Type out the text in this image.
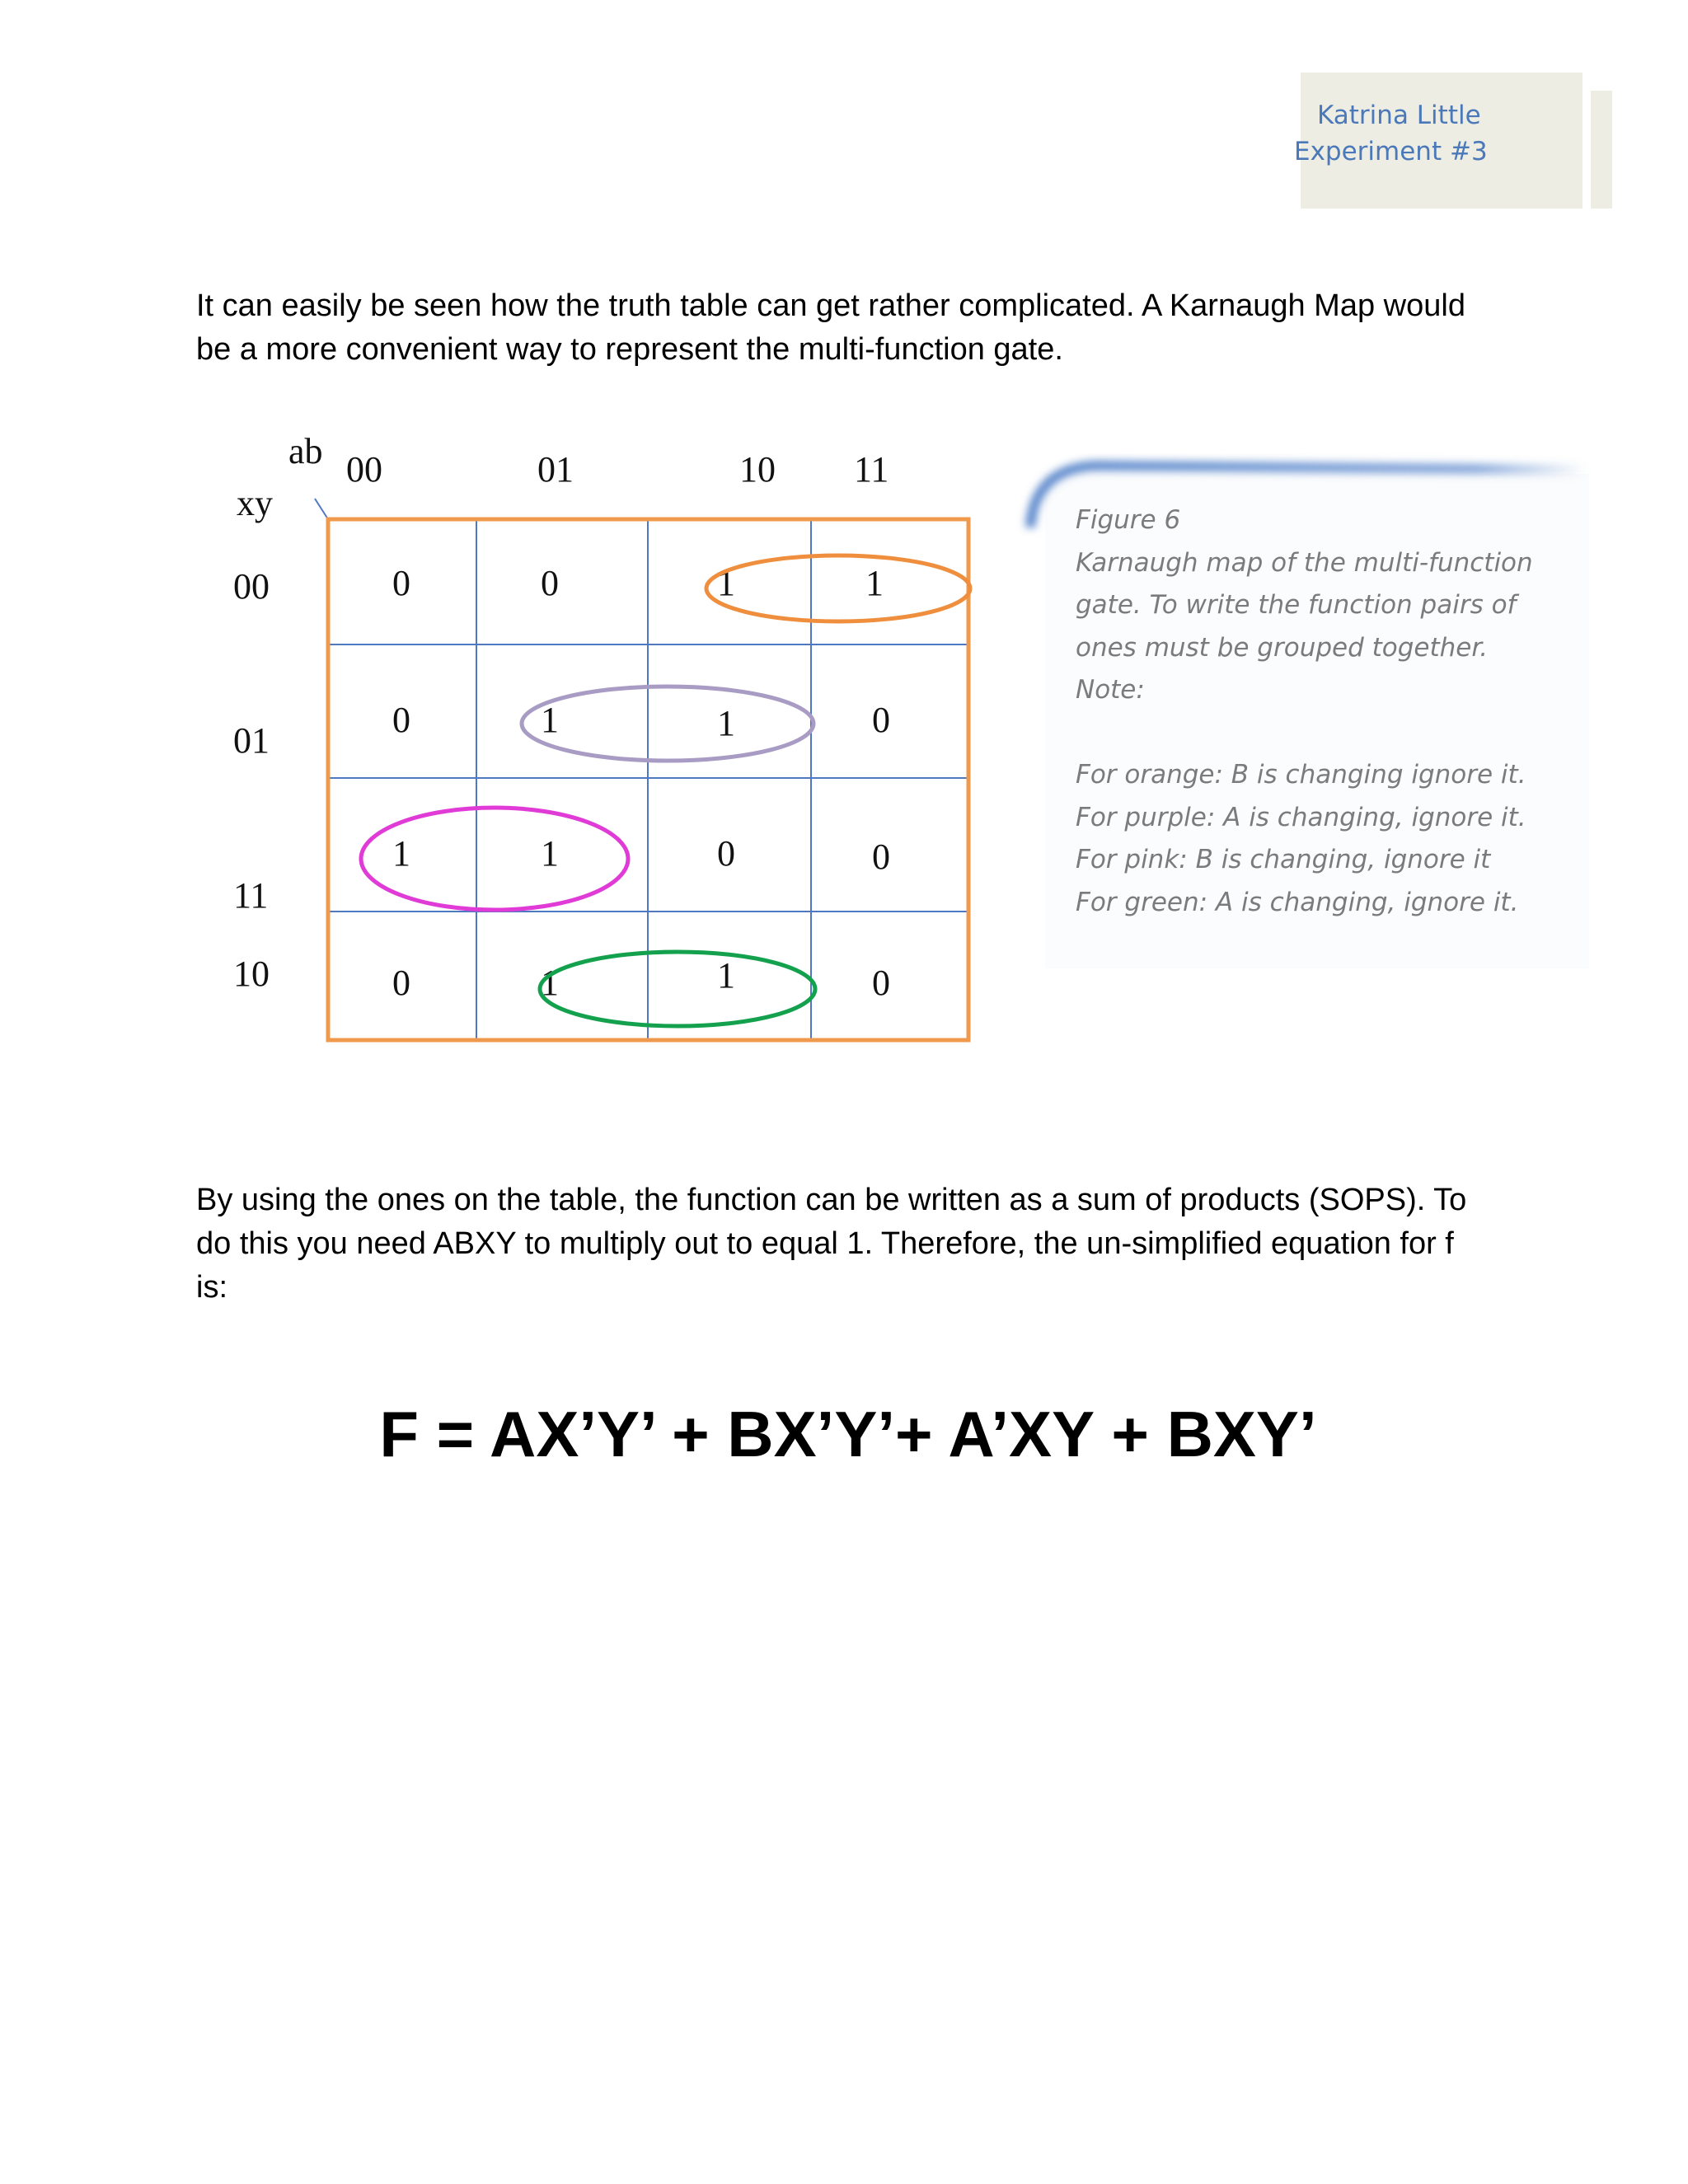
Katrina Little
Experiment #3

It can easily be seen how the truth table can get rather complicated. A Karnaugh Map would be a more convenient way to represent the multi-function gate.

ab
xy
00	01	10 11
00
01
11
10
0	0	1	1
0	1	1	0
1	1	0	0
0	1	1	0
Figure 6
Karnaugh map of the multi-function
gate. To write the function pairs of
ones must be grouped together.
Note:
For orange: B is changing ignore it.
For purple: A is changing, ignore it.
For pink: B is changing, ignore it
For green: A is changing, ignore it.

By using the ones on the table, the function can be written as a sum of products (SOPS). To do this you need ABXY to multiply out to equal 1. Therefore, the un-simplified equation for f is:

F = AX’Y’ + BX’Y’+ A’XY + BXY’
